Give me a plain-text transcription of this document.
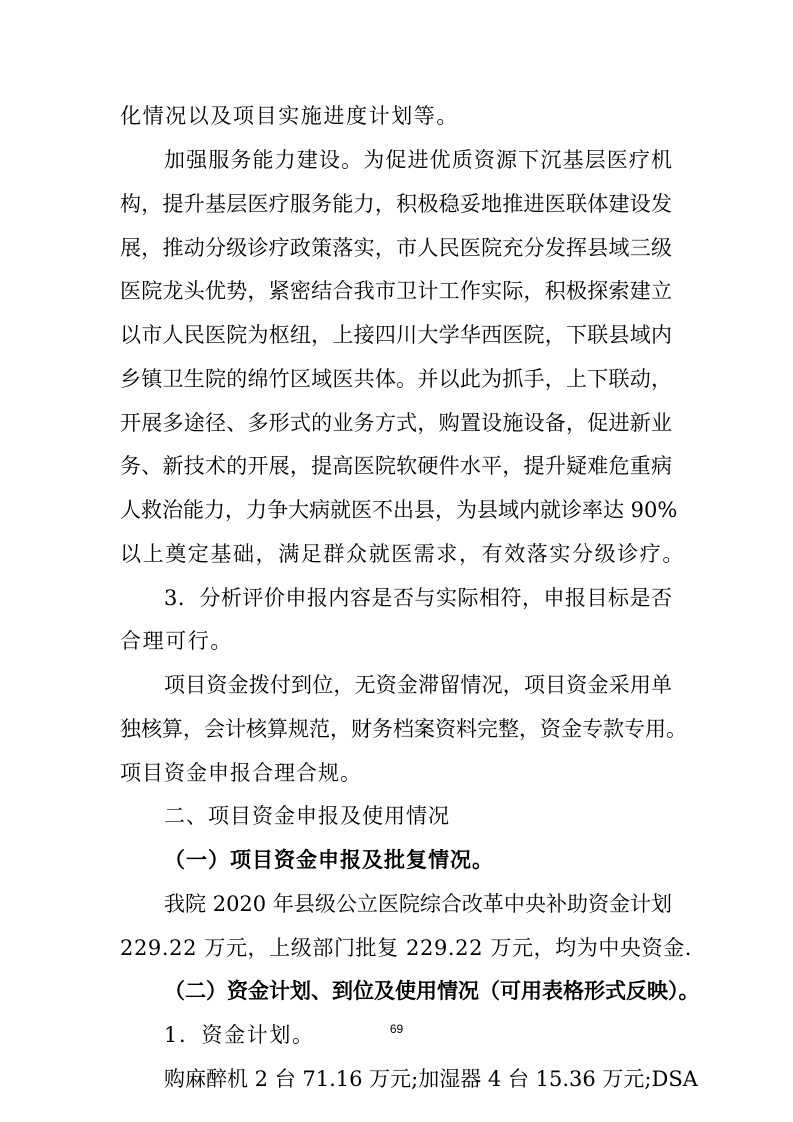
化情况以及项目实施进度计划等。
加强服务能力建设。为促进优质资源下沉基层医疗机
构，提升基层医疗服务能力，积极稳妥地推进医联体建设发
展，推动分级诊疗政策落实，市人民医院充分发挥县域三级
医院龙头优势，紧密结合我市卫计工作实际，积极探索建立
以市人民医院为枢纽，上接四川大学华西医院，下联县域内
乡镇卫生院的绵竹区域医共体。并以此为抓手，上下联动，
开展多途径、多形式的业务方式，购置设施设备，促进新业
务、新技术的开展，提高医院软硬件水平，提升疑难危重病
人救治能力，力争大病就医不出县，为县域内就诊率达 90%
以上奠定基础，满足群众就医需求，有效落实分级诊疗。
3．分析评价申报内容是否与实际相符，申报目标是否
合理可行。
项目资金拨付到位，无资金滞留情况，项目资金采用单
独核算，会计核算规范，财务档案资料完整，资金专款专用。
项目资金申报合理合规。
二、项目资金申报及使用情况
（一）项目资金申报及批复情况。
我院 2020 年县级公立医院综合改革中央补助资金计划
229.22 万元，上级部门批复 229.22 万元，均为中央资金.
（二）资金计划、到位及使用情况（可用表格形式反映）。
1．资金计划。
购麻醉机 2 台 71.16 万元;加湿器 4 台 15.36 万元;DSA
69
